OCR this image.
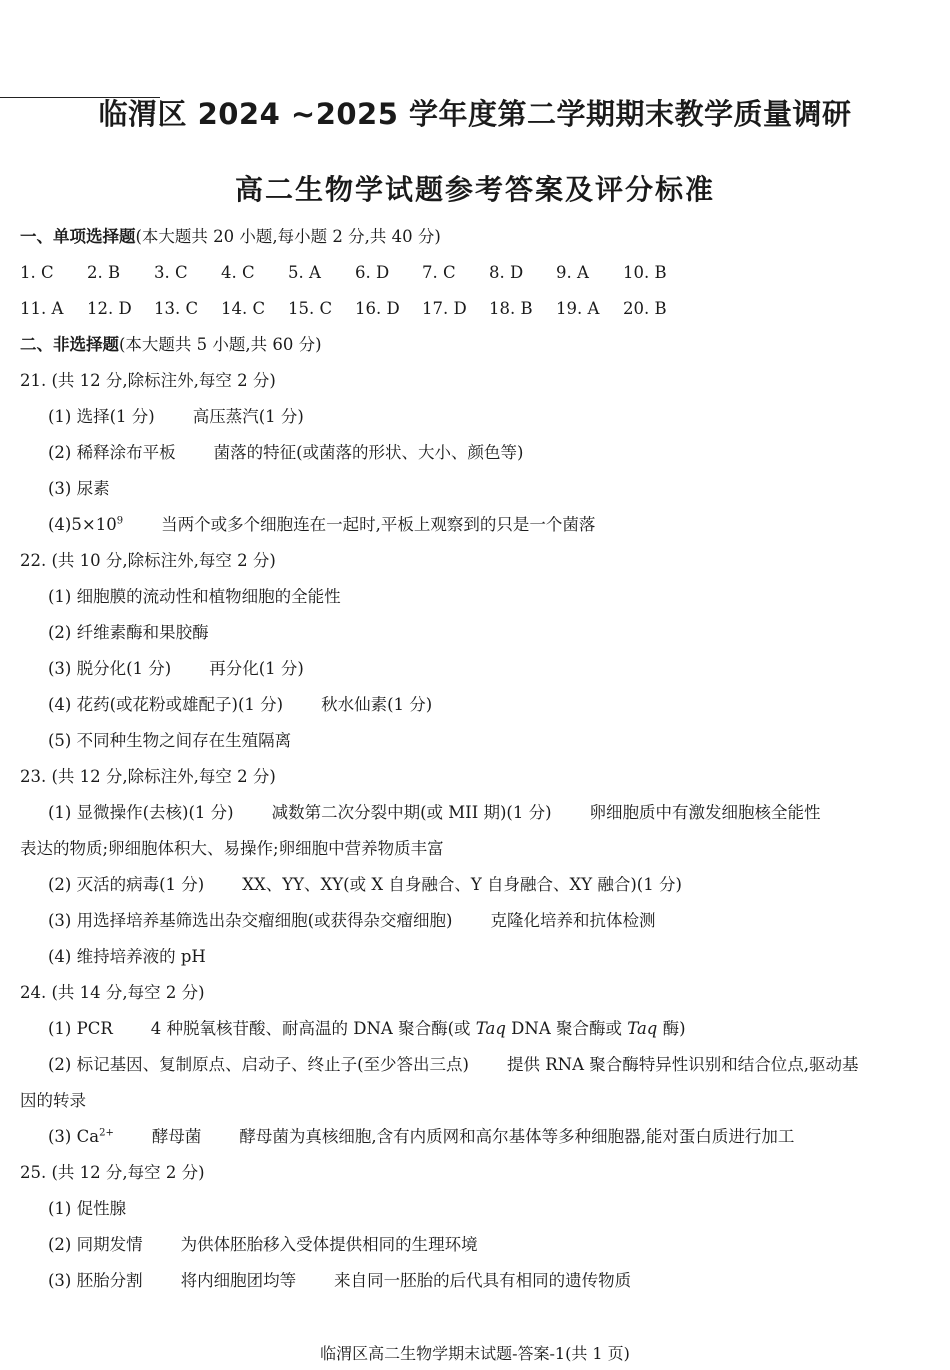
临渭区 2024 ~2025 学年度第二学期期末教学质量调研
高二生物学试题参考答案及评分标准
一、单项选择题(本大题共 20 小题,每小题 2 分,共 40 分)
1. C 2. B 3. C 4. C 5. A 6. D 7. C 8. D 9. A 10. B
11. A 12. D 13. C 14. C 15. C 16. D 17. D 18. B 19. A 20. B
二、非选择题(本大题共 5 小题,共 60 分)
21. (共 12 分,除标注外,每空 2 分)
(1) 选择(1 分) 高压蒸汽(1 分)
(2) 稀释涂布平板 菌落的特征(或菌落的形状、大小、颜色等)
(3) 尿素
$(4)5\times 10^9$ 当两个或多个细胞连在一起时,平板上观察到的只是一个菌落
22. (共 10 分,除标注外,每空 2 分)
(1) 细胞膜的流动性和植物细胞的全能性
(2) 纤维素酶和果胶酶
(3) 脱分化(1 分) 再分化(1 分)
(4) 花药(或花粉或雄配子)(1 分) 秋水仙素(1 分)
(5) 不同种生物之间存在生殖隔离
23. (共 12 分,除标注外,每空 2 分)
(1) 显微操作(去核)(1 分) 减数第二次分裂中期(或 MII 期)(1 分) 卵细胞质中有激发细胞核全能性
表达的物质;卵细胞体积大、易操作;卵细胞中营养物质丰富
(2) 灭活的病毒(1 分) XX、YY、XY(或 X 自身融合、Y 自身融合、XY 融合)(1 分)
(3) 用选择培养基筛选出杂交瘤细胞(或获得杂交瘤细胞) 克隆化培养和抗体检测
(4) 维持培养液的 pH
24. (共 14 分,每空 2 分)
(1) PCR 4 种脱氧核苷酸、耐高温的 DNA 聚合酶(或 Taq DNA 聚合酶或 Taq 酶)
(2) 标记基因、复制原点、启动子、终止子(至少答出三点) 提供 RNA 聚合酶特异性识别和结合位点,驱动基
因的转录
(3) $Ca^{2+}$ 酵母菌 酵母菌为真核细胞,含有内质网和高尔基体等多种细胞器,能对蛋白质进行加工
25. (共 12 分,每空 2 分)
(1) 促性腺
(2) 同期发情 为供体胚胎移入受体提供相同的生理环境
(3) 胚胎分割 将内细胞团均等 来自同一胚胎的后代具有相同的遗传物质
临渭区高二生物学期末试题-答案-1(共 1 页)
